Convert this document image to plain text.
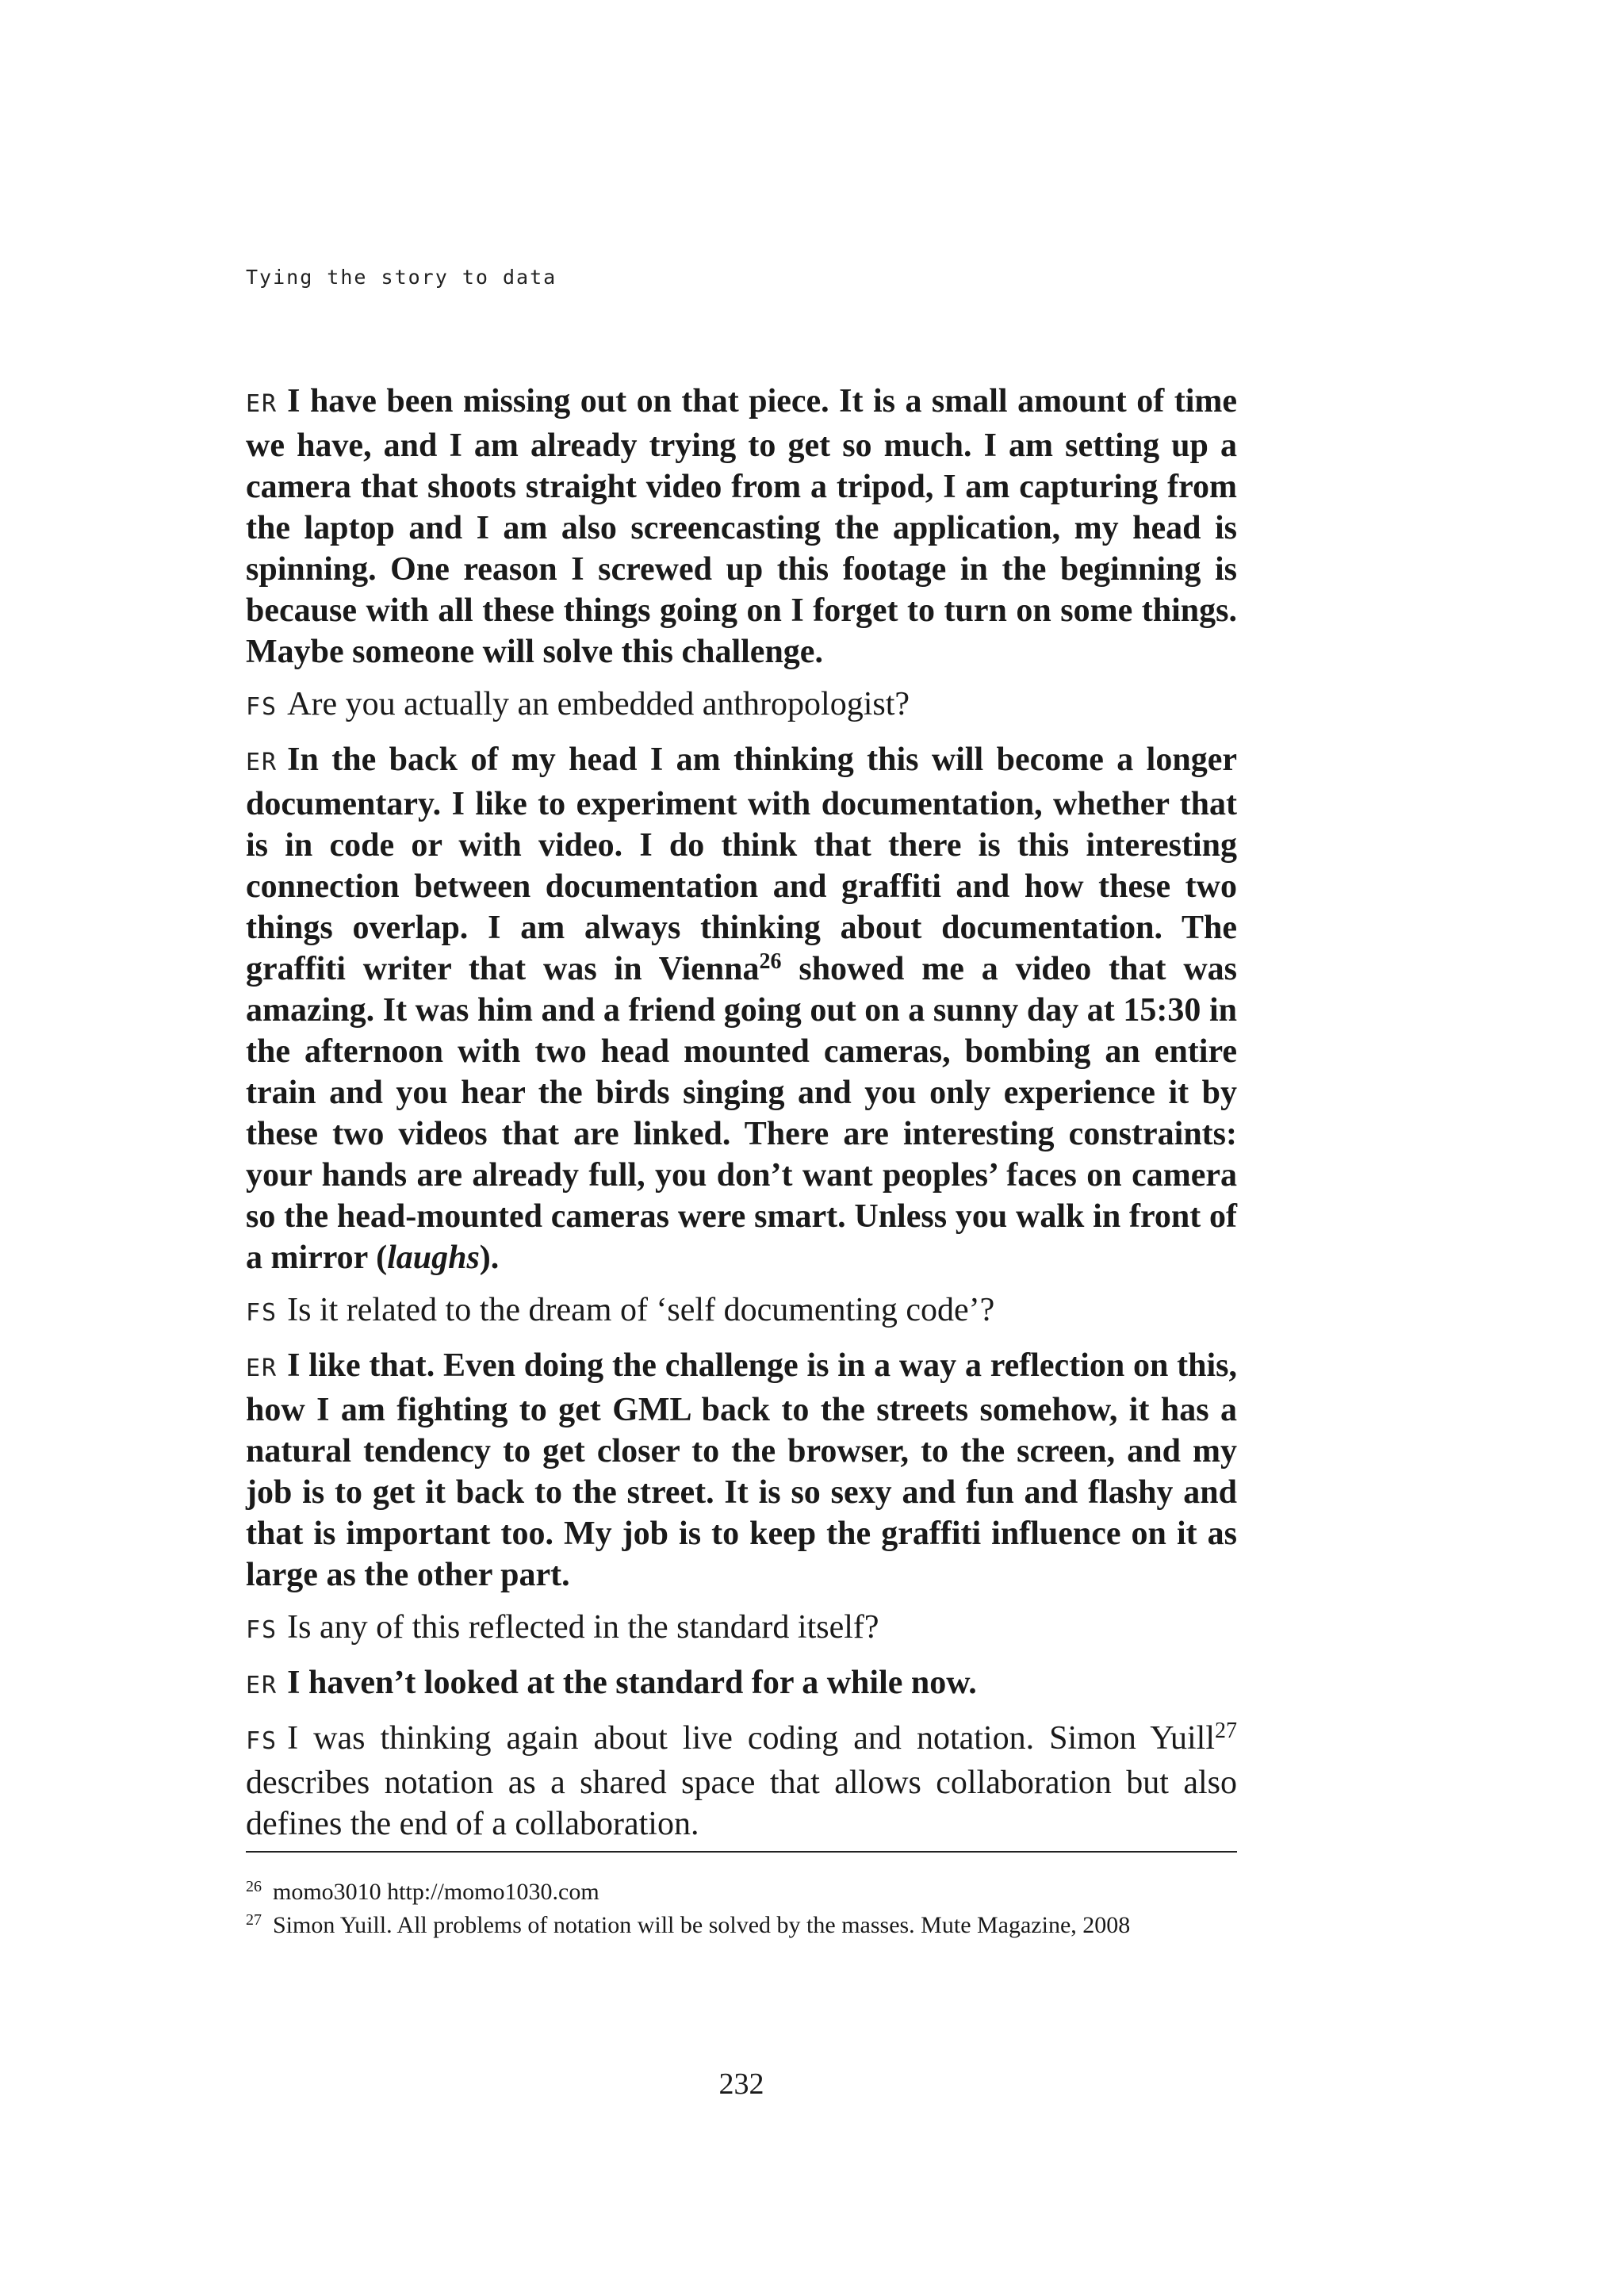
Tying the story to data

ER I have been missing out on that piece. It is a small amount of time we have, and I am already trying to get so much. I am setting up a camera that shoots straight video from a tripod, I am capturing from the laptop and I am also screencasting the application, my head is spinning. One reason I screwed up this footage in the beginning is because with all these things going on I forget to turn on some things. Maybe someone will solve this challenge.

FS Are you actually an embedded anthropologist?

ER In the back of my head I am thinking this will become a longer documentary. I like to experiment with documentation, whether that is in code or with video. I do think that there is this interesting connection between documentation and graffiti and how these two things overlap. I am always thinking about documentation. The graffiti writer that was in Vienna$^{26}$ showed me a video that was amazing. It was him and a friend going out on a sunny day at 15:30 in the afternoon with two head mounted cameras, bombing an entire train and you hear the birds singing and you only experience it by these two videos that are linked. There are interesting constraints: your hands are already full, you don’t want peoples’ faces on camera so the head-mounted cameras were smart. Unless you walk in front of a mirror (laughs).

FS Is it related to the dream of ‘self documenting code’?

ER I like that. Even doing the challenge is in a way a reflection on this, how I am fighting to get GML back to the streets somehow, it has a natural tendency to get closer to the browser, to the screen, and my job is to get it back to the street. It is so sexy and fun and flashy and that is important too. My job is to keep the graffiti influence on it as large as the other part.

FS Is any of this reflected in the standard itself?

ER I haven’t looked at the standard for a while now.

FS I was thinking again about live coding and notation. Simon Yuill$^{27}$ describes notation as a shared space that allows collaboration but also defines the end of a collaboration.

26 momo3010 http://momo1030.com
27 Simon Yuill. All problems of notation will be solved by the masses. Mute Magazine, 2008
232
